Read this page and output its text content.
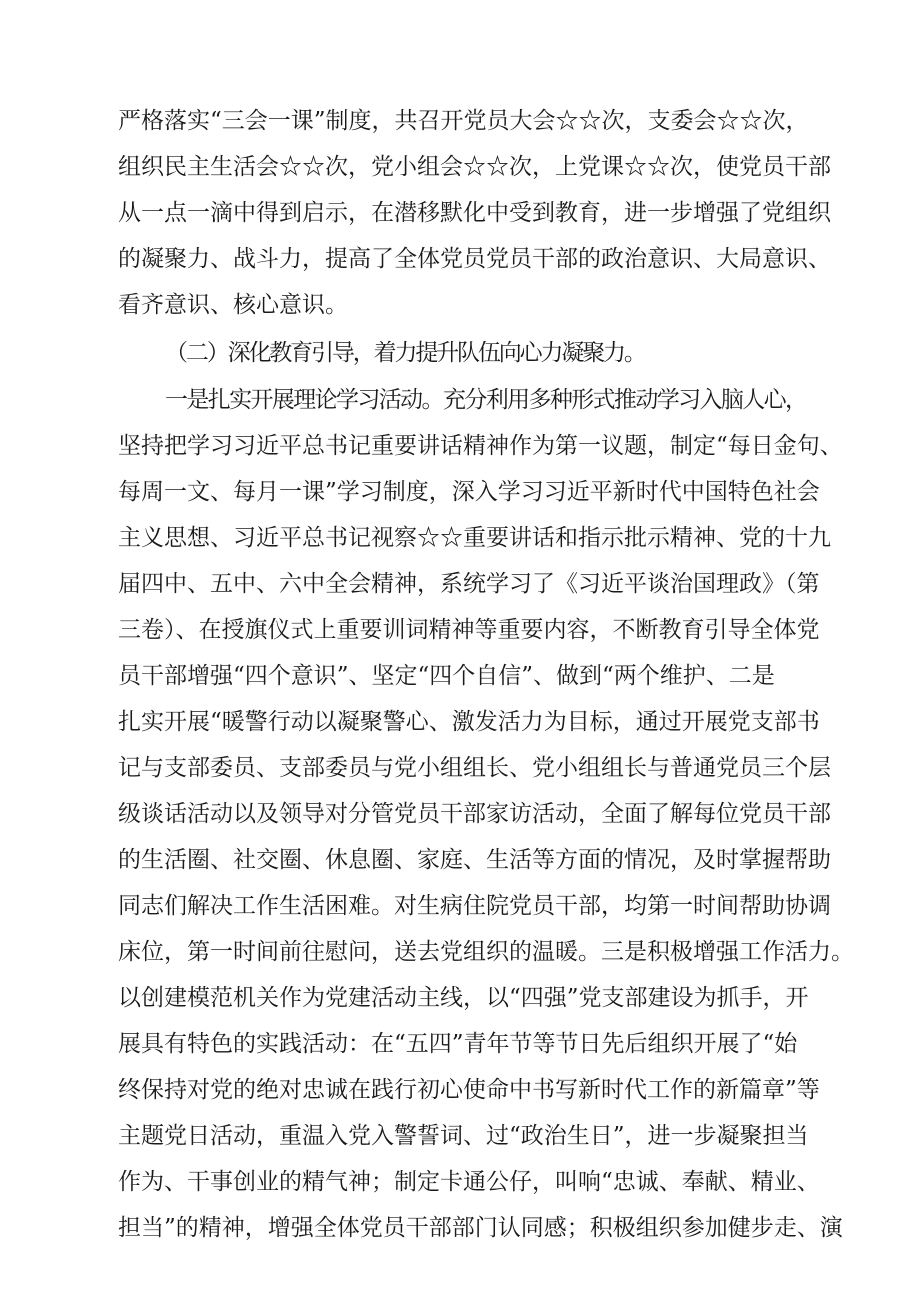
严格落实“三会一课”制度，共召开党员大会☆☆次，支委会☆☆次，
组织民主生活会☆☆次，党小组会☆☆次，上党课☆☆次，使党员干部
从一点一滴中得到启示，在潜移默化中受到教育，进一步增强了党组织
的凝聚力、战斗力，提高了全体党员党员干部的政治意识、大局意识、
看齐意识、核心意识。
（二）深化教育引导，着力提升队伍向心力凝聚力。
一是扎实开展理论学习活动。充分利用多种形式推动学习入脑人心，
坚持把学习习近平总书记重要讲话精神作为第一议题，制定“每日金句、
每周一文、每月一课”学习制度，深入学习习近平新时代中国特色社会
主义思想、习近平总书记视察☆☆重要讲话和指示批示精神、党的十九
届四中、五中、六中全会精神，系统学习了《习近平谈治国理政》（第
三卷）、在授旗仪式上重要训词精神等重要内容，不断教育引导全体党
员干部增强“四个意识”、坚定“四个自信”、做到“两个维护、二是
扎实开展“暖警行动以凝聚警心、激发活力为目标，通过开展党支部书
记与支部委员、支部委员与党小组组长、党小组组长与普通党员三个层
级谈话活动以及领导对分管党员干部家访活动，全面了解每位党员干部
的生活圈、社交圈、休息圈、家庭、生活等方面的情况，及时掌握帮助
同志们解决工作生活困难。对生病住院党员干部，均第一时间帮助协调
床位，第一时间前往慰问，送去党组织的温暖。三是积极增强工作活力。
以创建模范机关作为党建活动主线，以“四强”党支部建设为抓手，开
展具有特色的实践活动：在“五四”青年节等节日先后组织开展了“始
终保持对党的绝对忠诚在践行初心使命中书写新时代工作的新篇章”等
主题党日活动，重温入党入警誓词、过“政治生日”，进一步凝聚担当
作为、干事创业的精气神；制定卡通公仔，叫响“忠诚、奉献、精业、
担当”的精神，增强全体党员干部部门认同感；积极组织参加健步走、演
